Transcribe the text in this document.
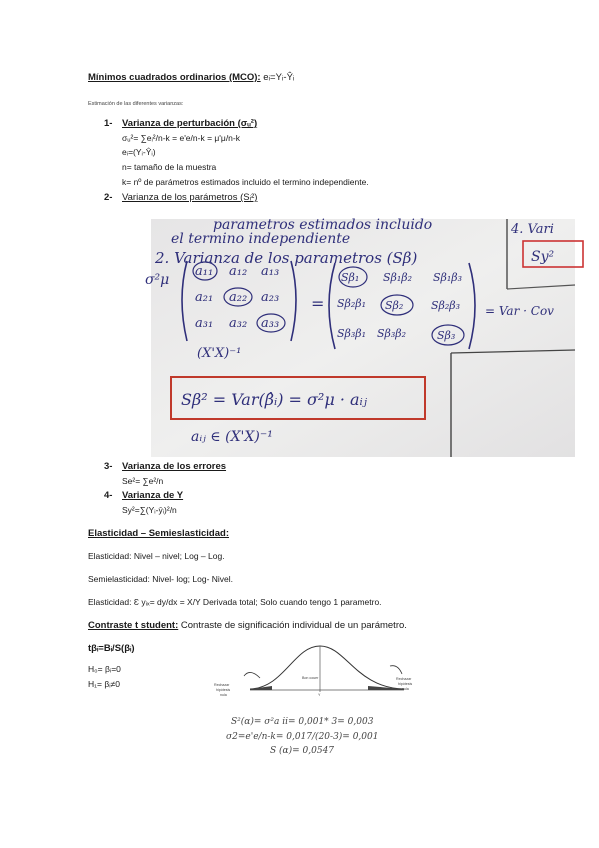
Mínimos cuadrados ordinarios (MCO): eᵢ=Yᵢ-Ŷᵢ
Estimación de las diferentes varianzas:
1- Varianza de perturbación (σᵤ²)
σᵤ²= ∑eᵢ²/n-k = e'e/n-k = μ'μ/n-k
eᵢ=(Yᵢ-Ŷᵢ)
n= tamaño de la muestra
k= nº de parámetros estimados incluido el termino independiente.
2- Varianza de los parámetros (Sᵢ²)
parametros estimados incluido
el termino independiente
2. Varianza de los parametros (Sβ)
4. Vari
σ²μ
Sy²
a₁₁ a₁₂ a₁₃
a₂₁ a₂₂ a₂₃
a₃₁ a₃₂ a₃₃
(X'X)⁻¹
=
Sβ₁ Sβ₁β₂ Sβ₁β₃
Sβ₂β₁ Sβ₂	Sβ₂β₃
Sβ₃β₁ Sβ₃β₂	Sβ₃
= Var · Cov
Sβ² = Var(β̂ᵢ) = σ²μ · aᵢⱼ
aᵢⱼ ∈ (X'X)⁻¹
3- Varianza de los errores
Se²= ∑e²/n
4- Varianza de Y
Sy²=∑(Yᵢ-ȳᵢ)²/n
Elasticidad – Semieslasticidad:
Elasticidad: Nivel – nivel; Log – Log.
Semielasticidad: Nivel- log; Log- Nivel.
Elasticidad: Ɛ yᵢₓ= dy/dx = X/Y Derivada total; Solo cuando tengo 1 parametro.
Contraste t student: Contraste de significación individual de un parámetro.
tβᵢ=Bᵢ/S(βᵢ)
H₀= βᵢ=0
H₁= βᵢ≠0	Rechazar
hipótesis
nula
Rechazar
hipótesis
nula
Bon couer
Y
S²(α)= σ²a ii= 0,001* 3= 0,003
σ2=e'e/n-k= 0,017/(20-3)= 0,001
S (α)= 0,0547
